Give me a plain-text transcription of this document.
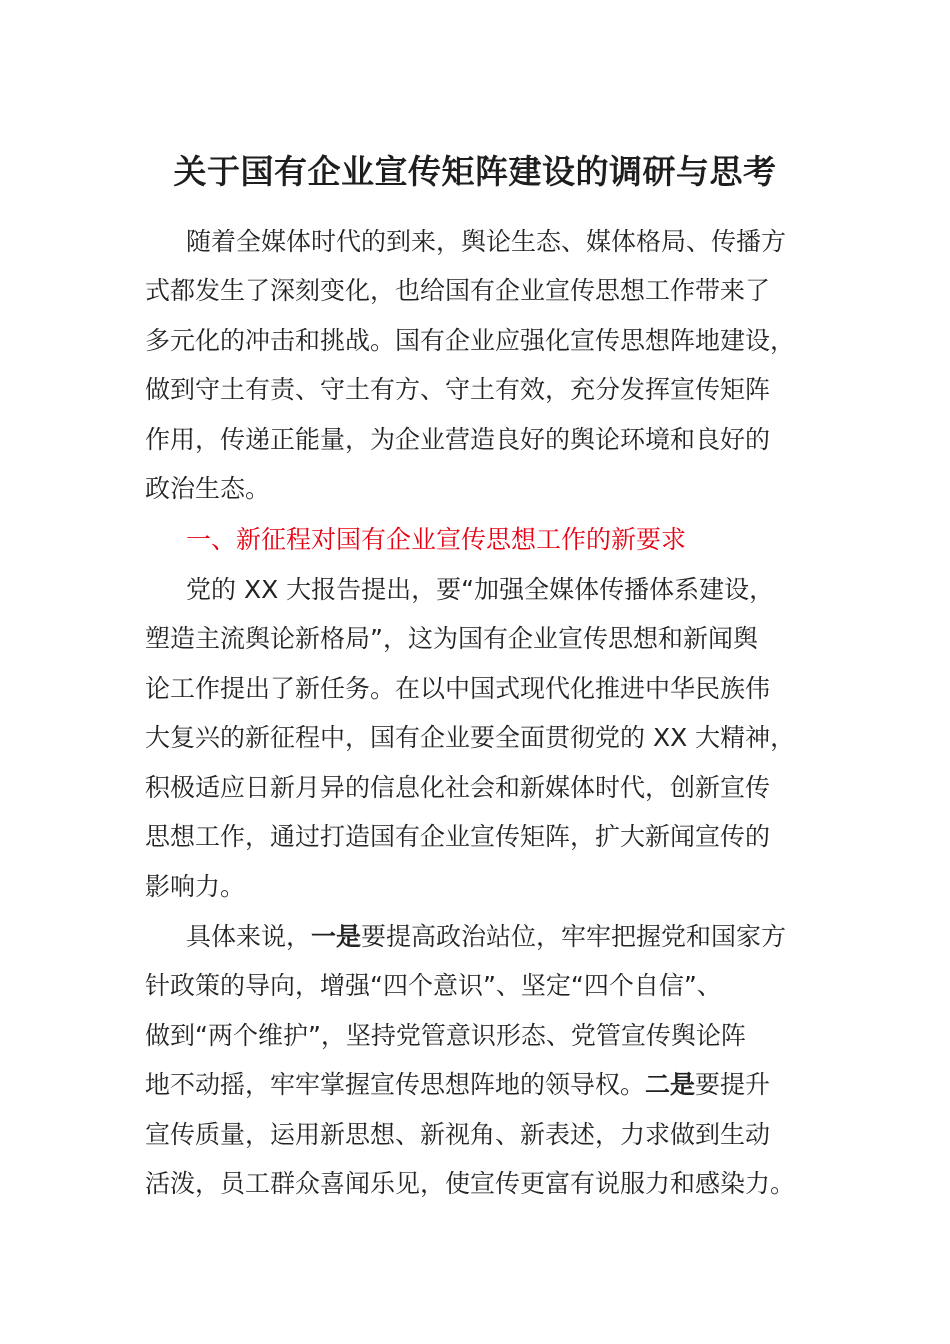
关于国有企业宣传矩阵建设的调研与思考
随着全媒体时代的到来，舆论生态、媒体格局、传播方
式都发生了深刻变化，也给国有企业宣传思想工作带来了
多元化的冲击和挑战。国有企业应强化宣传思想阵地建设，
做到守土有责、守土有方、守土有效，充分发挥宣传矩阵
作用，传递正能量，为企业营造良好的舆论环境和良好的
政治生态。
一、新征程对国有企业宣传思想工作的新要求
党的 XX 大报告提出，要“加强全媒体传播体系建设，
塑造主流舆论新格局”，这为国有企业宣传思想和新闻舆
论工作提出了新任务。在以中国式现代化推进中华民族伟
大复兴的新征程中，国有企业要全面贯彻党的 XX 大精神，
积极适应日新月异的信息化社会和新媒体时代，创新宣传
思想工作，通过打造国有企业宣传矩阵，扩大新闻宣传的
影响力。
具体来说，一是要提高政治站位，牢牢把握党和国家方
针政策的导向，增强“四个意识”、坚定“四个自信”、
做到“两个维护”，坚持党管意识形态、党管宣传舆论阵
地不动摇，牢牢掌握宣传思想阵地的领导权。二是要提升
宣传质量，运用新思想、新视角、新表述，力求做到生动
活泼，员工群众喜闻乐见，使宣传更富有说服力和感染力。
